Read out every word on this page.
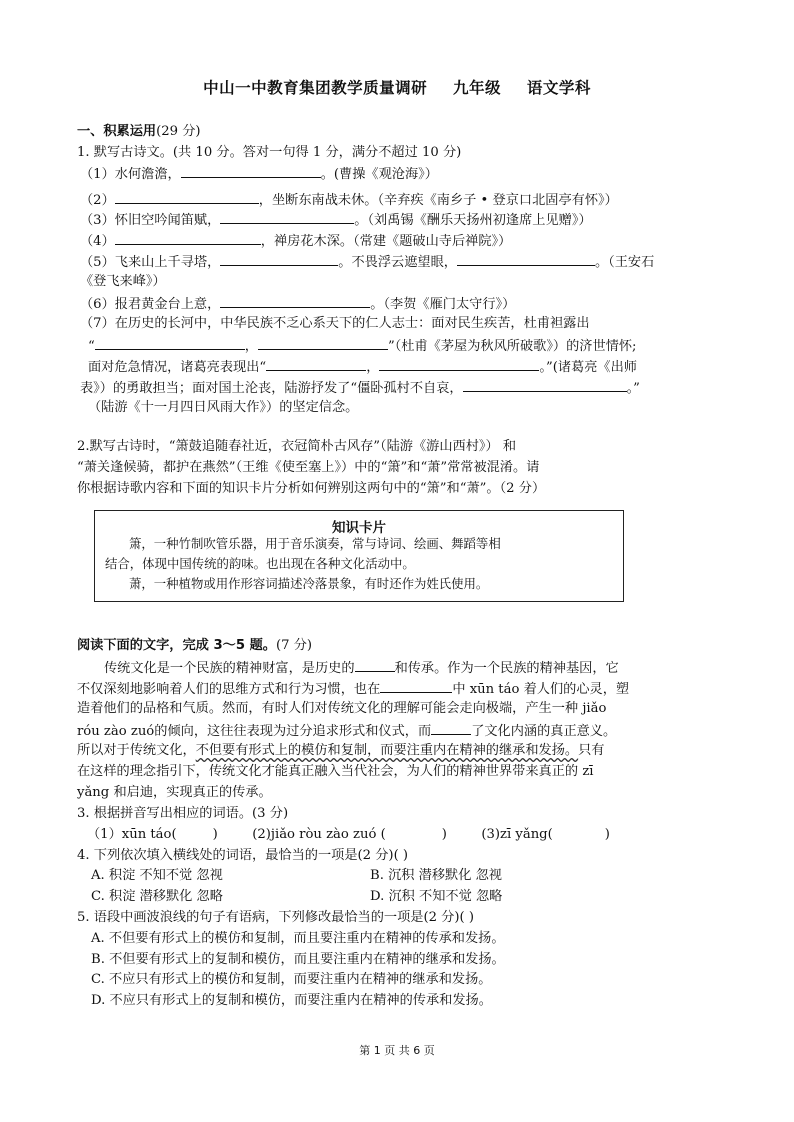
中山一中教育集团教学质量调研 九年级 语文学科
一、积累运用(29 分)
1. 默写古诗文。(共 10 分。答对一句得 1 分，满分不超过 10 分)
（1）水何澹澹，	。(曹操《观沧海》）
（2）	，坐断东南战未休。（辛弃疾《南乡子 • 登京口北固亭有怀》）
（3）怀旧空吟闻笛赋，	。（刘禹锡《酬乐天扬州初逢席上见赠》）
（4）	，禅房花木深。（常建《题破山寺后禅院》）
（5）飞来山上千寻塔，	。不畏浮云遮望眼，	。（王安石
《登飞来峰》）
（6）报君黄金台上意，	。（李贺《雁门太守行》）
（7）在历史的长河中，中华民族不乏心系天下的仁人志士：面对民生疾苦，杜甫袒露出
“	，	”（杜甫《茅屋为秋风所破歌》）的济世情怀;
面对危急情况，诸葛亮表现出“	，	。”(诸葛亮《出师
表》）的勇敢担当；面对国土沦丧，陆游抒发了“僵卧孤村不自哀，	。”
（陆游《十一月四日风雨大作》）的坚定信念。
2.默写古诗时，“箫鼓追随春社近，衣冠简朴古风存”（陆游《游山西村》） 和
“萧关逢候骑，都护在燕然”（王维《使至塞上》）中的“箫”和“萧”常常被混淆。请
你根据诗歌内容和下面的知识卡片分析如何辨别这两句中的“箫”和“萧”。（2 分）
知识卡片
箫，一种竹制吹管乐器，用于音乐演奏，常与诗词、绘画、舞蹈等相
结合，体现中国传统的韵味。也出现在各种文化活动中。
萧，一种植物或用作形容词描述冷落景象，有时还作为姓氏使用。
阅读下面的文字，完成 3～5 题。(7 分)
传统文化是一个民族的精神财富，是历史的	和传承。作为一个民族的精神基因，它
不仅深刻地影响着人们的思维方式和行为习惯，也在	中 xūn táo 着人们的心灵，塑
造着他们的品格和气质。然而，有时人们对传统文化的理解可能会走向极端，产生一种 jiǎo
róu zào zuó的倾向，这往往表现为过分追求形式和仪式，而	了文化内涵的真正意义。
所以对于传统文化，不但要有形式上的模仿和复制，而要注重内在精神的继承和发扬。只有
在这样的理念指引下，传统文化才能真正融入当代社会，为人们的精神世界带来真正的 zī
yǎng 和启迪，实现真正的传承。
3. 根据拼音写出相应的词语。(3 分)
（1）xūn táo(	)	(2)jiǎo ròu zào zuó (	)	(3)zī yǎng(	)
4. 下列依次填入横线处的词语，最恰当的一项是(2 分)( )
A. 积淀 不知不觉 忽视	B. 沉积 潜移默化 忽视
C. 积淀 潜移默化 忽略	D. 沉积 不知不觉 忽略
5. 语段中画波浪线的句子有语病，下列修改最恰当的一项是(2 分)( )
A. 不但要有形式上的模仿和复制，而且要注重内在精神的传承和发扬。
B. 不但要有形式上的复制和模仿，而且要注重内在精神的继承和发扬。
C. 不应只有形式上的模仿和复制，而要注重内在精神的继承和发扬。
D. 不应只有形式上的复制和模仿，而要注重内在精神的传承和发扬。
第 1 页 共 6 页
